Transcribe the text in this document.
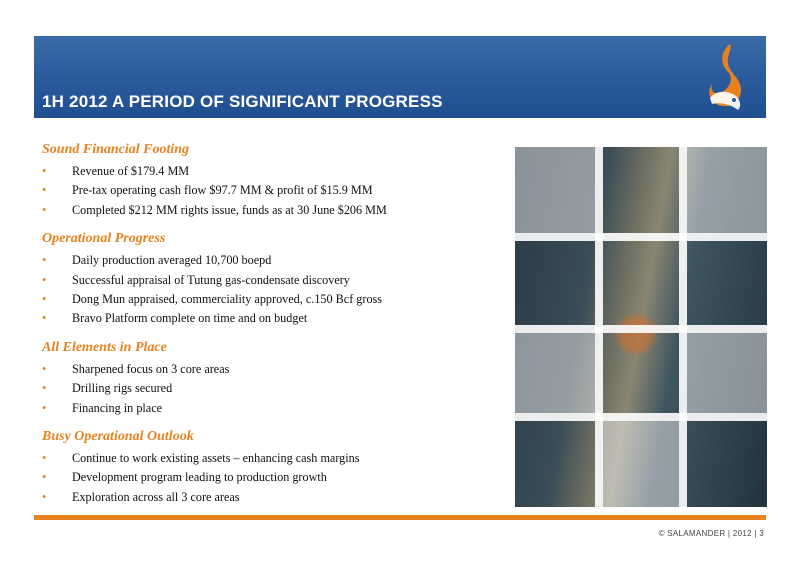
1H 2012 A PERIOD OF SIGNIFICANT PROGRESS
Sound Financial Footing
• Revenue of $179.4 MM
• Pre-tax operating cash flow $97.7 MM & profit of $15.9 MM
• Completed $212 MM rights issue, funds as at 30 June $206 MM
Operational Progress
• Daily production averaged 10,700 boepd
• Successful appraisal of Tutung gas-condensate discovery
• Dong Mun appraised, commerciality approved, c.150 Bcf gross
• Bravo Platform complete on time and on budget
All Elements in Place
• Sharpened focus on 3 core areas
• Drilling rigs secured
• Financing in place
Busy Operational Outlook
• Continue to work existing assets – enhancing cash margins
• Development program leading to production growth
• Exploration across all 3 core areas
© SALAMANDER | 2012 | 3
